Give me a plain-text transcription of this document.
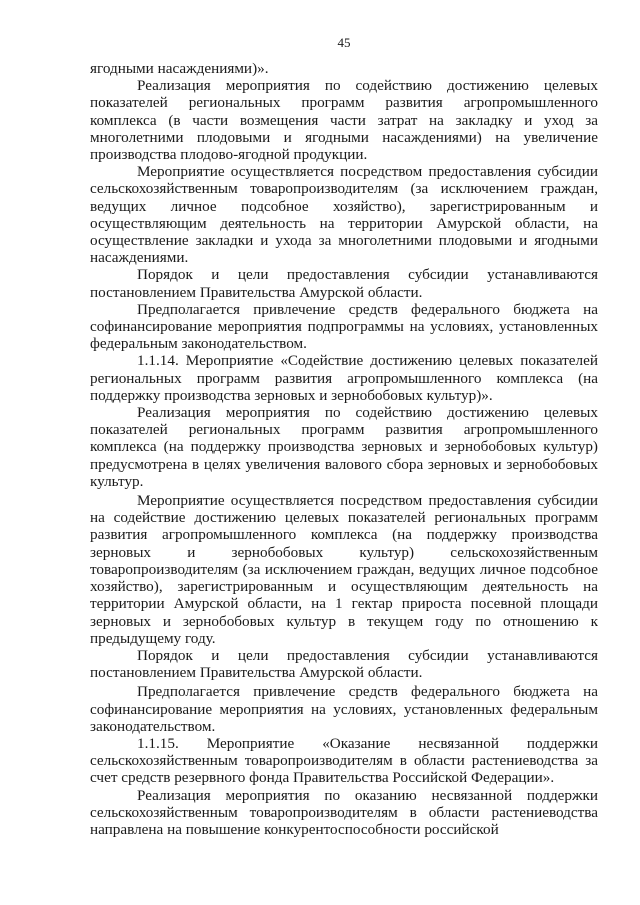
45

ягодными насаждениями)».

Реализация мероприятия по содействию достижению целевых показателей региональных программ развития агропромышленного комплекса (в части возмещения части затрат на закладку и уход за многолетними плодовыми и ягодными насаждениями) на увеличение производства плодово-ягодной продукции.

Мероприятие осуществляется посредством предоставления субсидии сельскохозяйственным товаропроизводителям (за исключением граждан, ведущих личное подсобное хозяйство), зарегистрированным и осуществляющим деятельность на территории Амурской области, на осуществление закладки и ухода за многолетними плодовыми и ягодными насаждениями.

Порядок и цели предоставления субсидии устанавливаются постановлением Правительства Амурской области.

Предполагается привлечение средств федерального бюджета на софинансирование мероприятия подпрограммы на условиях, установленных федеральным законодательством.

1.1.14. Мероприятие «Содействие достижению целевых показателей региональных программ развития агропромышленного комплекса (на поддержку производства зерновых и зернобобовых культур)».

Реализация мероприятия по содействию достижению целевых показателей региональных программ развития агропромышленного комплекса (на поддержку производства зерновых и зернобобовых культур) предусмотрена в целях увеличения валового сбора зерновых и зернобобовых культур.

Мероприятие осуществляется посредством предоставления субсидии на содействие достижению целевых показателей региональных программ развития агропромышленного комплекса (на поддержку производства зерновых и зернобобовых культур) сельскохозяйственным товаропроизводителям (за исключением граждан, ведущих личное подсобное хозяйство), зарегистрированным и осуществляющим деятельность на территории Амурской области, на 1 гектар прироста посевной площади зерновых и зернобобовых культур в текущем году по отношению к предыдущему году.

Порядок и цели предоставления субсидии устанавливаются постановлением Правительства Амурской области.

Предполагается привлечение средств федерального бюджета на софинансирование мероприятия на условиях, установленных федеральным законодательством.

1.1.15. Мероприятие «Оказание несвязанной поддержки сельскохозяйственным товаропроизводителям в области растениеводства за счет средств резервного фонда Правительства Российской Федерации».

Реализация мероприятия по оказанию несвязанной поддержки сельскохозяйственным товаропроизводителям в области растениеводства направлена на повышение конкурентоспособности российской
